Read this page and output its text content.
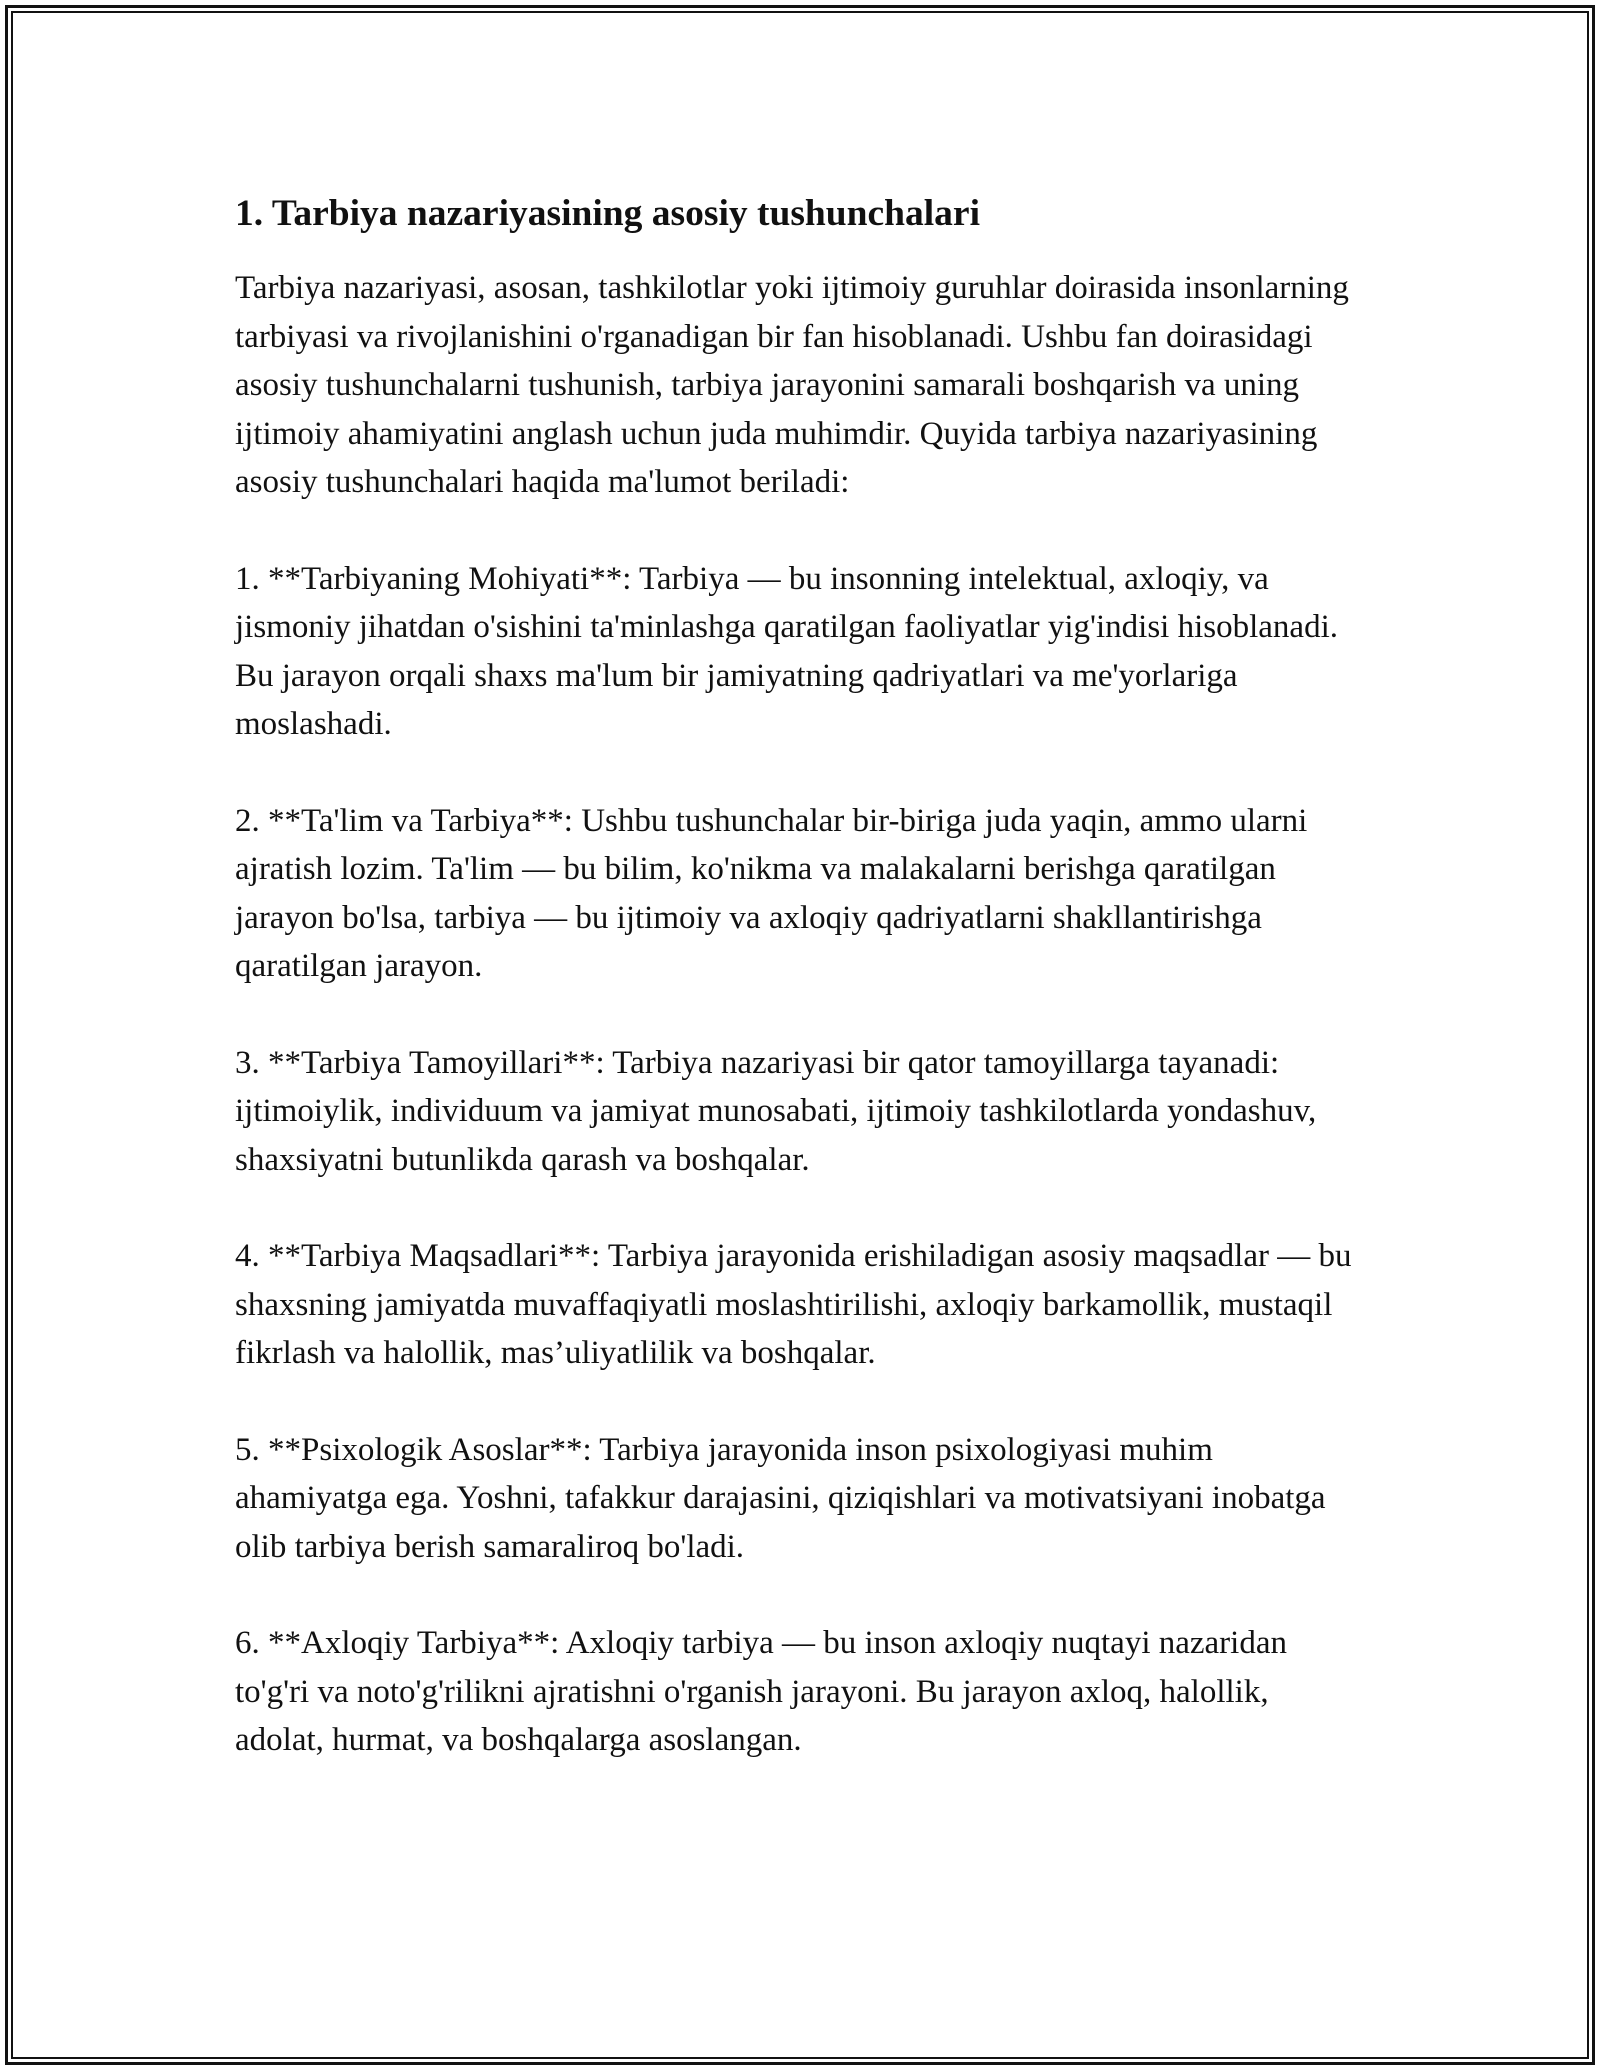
1. Tarbiya nazariyasining asosiy tushunchalari

Tarbiya nazariyasi, asosan, tashkilotlar yoki ijtimoiy guruhlar doirasida insonlarning tarbiyasi va rivojlanishini o'rganadigan bir fan hisoblanadi. Ushbu fan doirasidagi asosiy tushunchalarni tushunish, tarbiya jarayonini samarali boshqarish va uning ijtimoiy ahamiyatini anglash uchun juda muhimdir. Quyida tarbiya nazariyasining asosiy tushunchalari haqida ma'lumot beriladi:

1. **Tarbiyaning Mohiyati**: Tarbiya — bu insonning intelektual, axloqiy, va jismoniy jihatdan o'sishini ta'minlashga qaratilgan faoliyatlar yig'indisi hisoblanadi. Bu jarayon orqali shaxs ma'lum bir jamiyatning qadriyatlari va me'yorlariga moslashadi.

2. **Ta'lim va Tarbiya**: Ushbu tushunchalar bir-biriga juda yaqin, ammo ularni ajratish lozim. Ta'lim — bu bilim, ko'nikma va malakalarni berishga qaratilgan jarayon bo'lsa, tarbiya — bu ijtimoiy va axloqiy qadriyatlarni shakllantirishga qaratilgan jarayon.

3. **Tarbiya Tamoyillari**: Tarbiya nazariyasi bir qator tamoyillarga tayanadi: ijtimoiylik, individuum va jamiyat munosabati, ijtimoiy tashkilotlarda yondashuv, shaxsiyatni butunlikda qarash va boshqalar.

4. **Tarbiya Maqsadlari**: Tarbiya jarayonida erishiladigan asosiy maqsadlar — bu shaxsning jamiyatda muvaffaqiyatli moslashtirilishi, axloqiy barkamollik, mustaqil fikrlash va halollik, mas’uliyatlilik va boshqalar.

5. **Psixologik Asoslar**: Tarbiya jarayonida inson psixologiyasi muhim ahamiyatga ega. Yoshni, tafakkur darajasini, qiziqishlari va motivatsiyani inobatga olib tarbiya berish samaraliroq bo'ladi.

6. **Axloqiy Tarbiya**: Axloqiy tarbiya — bu inson axloqiy nuqtayi nazaridan to'g'ri va noto'g'rilikni ajratishni o'rganish jarayoni. Bu jarayon axloq, halollik, adolat, hurmat, va boshqalarga asoslangan.
